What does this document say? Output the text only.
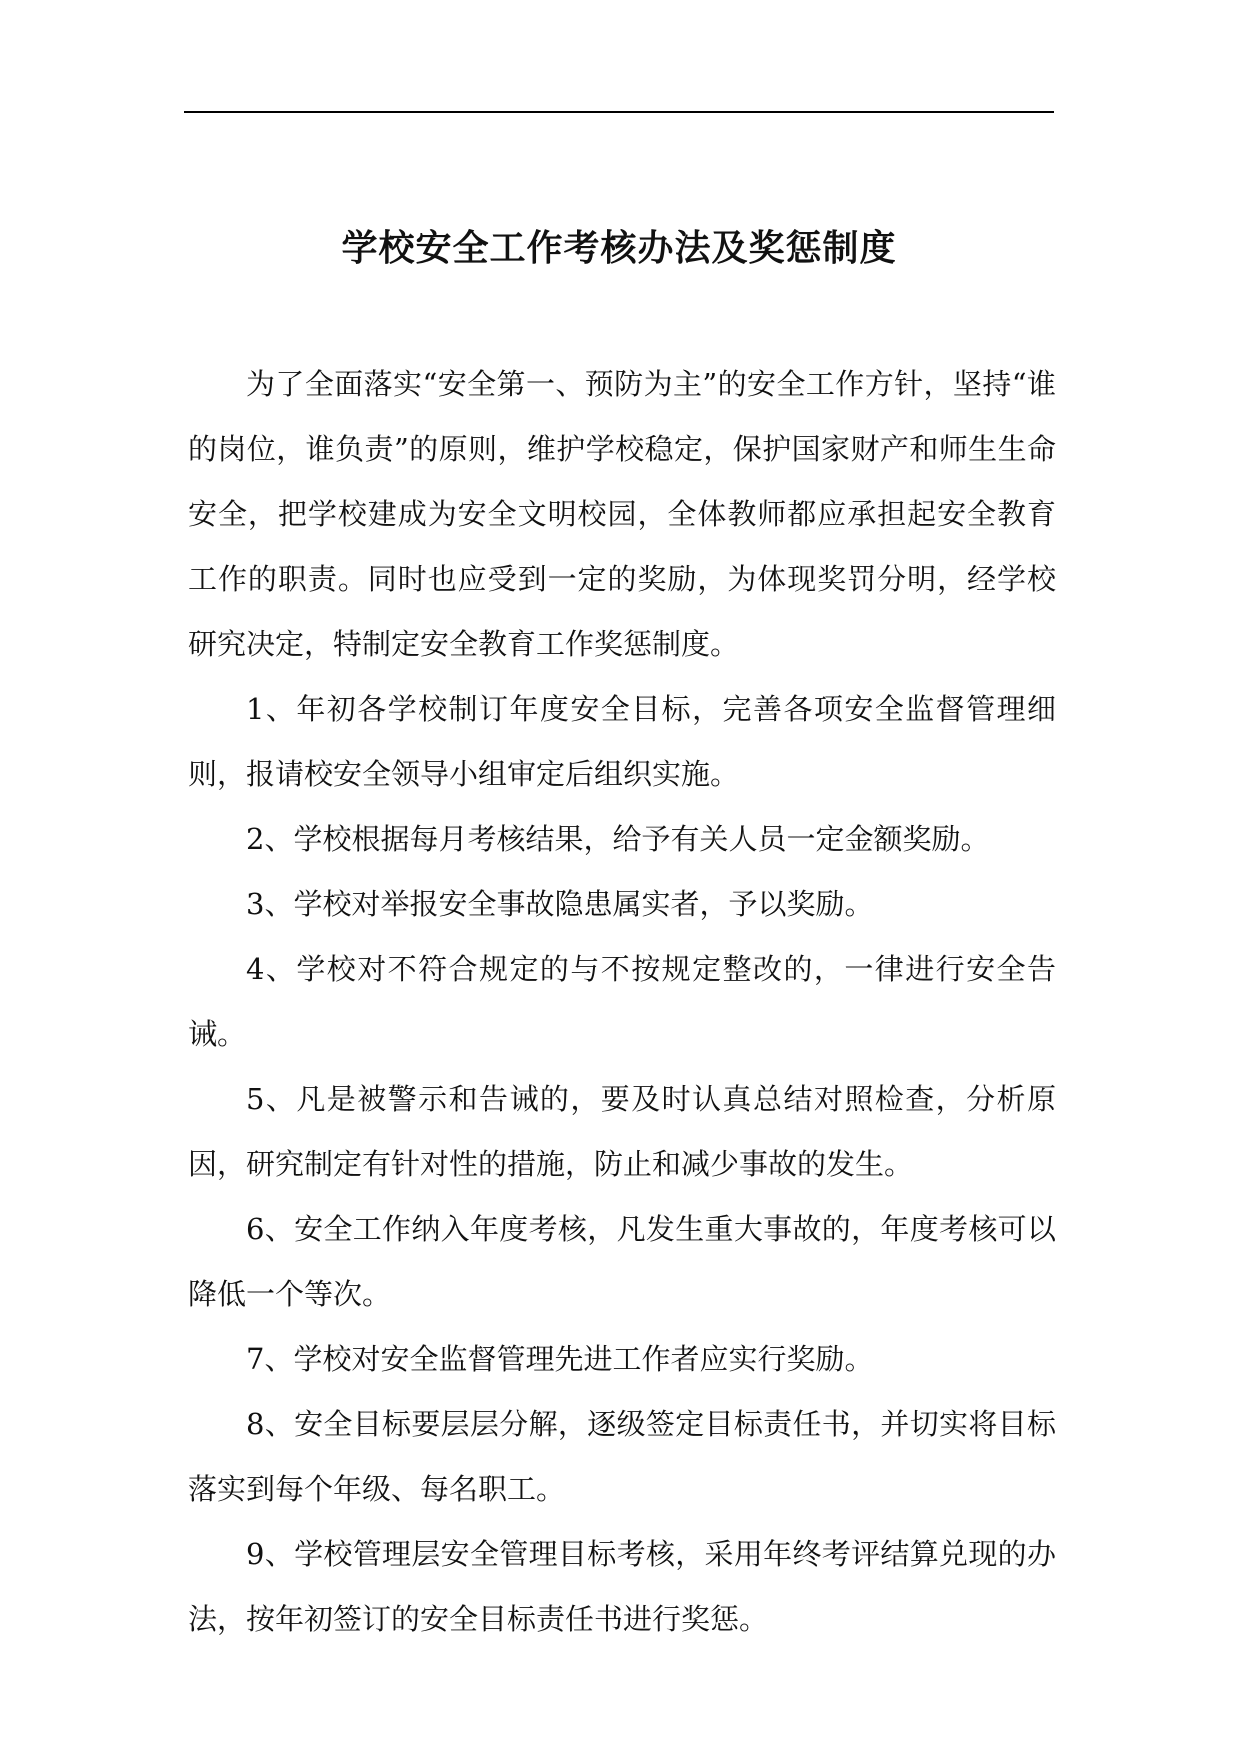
学校安全工作考核办法及奖惩制度

为了全面落实“安全第一、预防为主”的安全工作方针，坚持“谁的岗位，谁负责”的原则，维护学校稳定，保护国家财产和师生生命安全，把学校建成为安全文明校园，全体教师都应承担起安全教育工作的职责。同时也应受到一定的奖励，为体现奖罚分明，经学校研究决定，特制定安全教育工作奖惩制度。

1、年初各学校制订年度安全目标，完善各项安全监督管理细则，报请校安全领导小组审定后组织实施。

2、学校根据每月考核结果，给予有关人员一定金额奖励。

3、学校对举报安全事故隐患属实者，予以奖励。

4、学校对不符合规定的与不按规定整改的，一律进行安全告诫。

5、凡是被警示和告诫的，要及时认真总结对照检查，分析原因，研究制定有针对性的措施，防止和减少事故的发生。

6、安全工作纳入年度考核，凡发生重大事故的，年度考核可以降低一个等次。

7、学校对安全监督管理先进工作者应实行奖励。

8、安全目标要层层分解，逐级签定目标责任书，并切实将目标落实到每个年级、每名职工。

9、学校管理层安全管理目标考核，采用年终考评结算兑现的办法，按年初签订的安全目标责任书进行奖惩。
